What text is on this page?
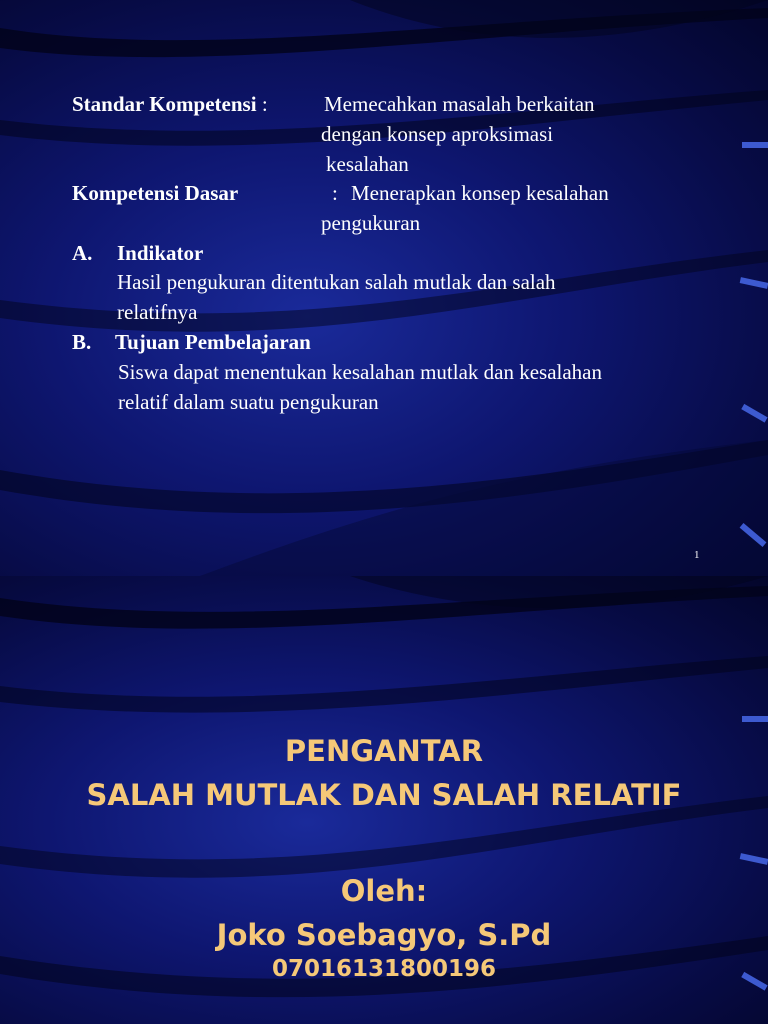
Standar Kompetensi :	Memecahkan masalah berkaitan
dengan konsep aproksimasi
kesalahan
Kompetensi Dasar	: Menerapkan konsep kesalahan
pengukuran
A. Indikator
Hasil pengukuran ditentukan salah mutlak dan salah
relatifnya
B. Tujuan Pembelajaran
Siswa dapat menentukan kesalahan mutlak dan kesalahan
relatif dalam suatu pengukuran
1
PENGANTAR
SALAH MUTLAK DAN SALAH RELATIF
Oleh:
Joko Soebagyo, S.Pd
07016131800196
